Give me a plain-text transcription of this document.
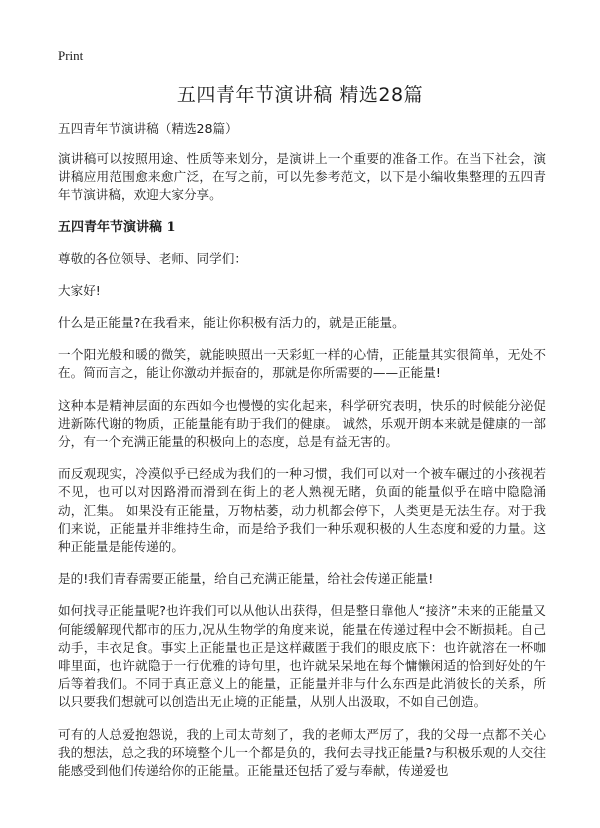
Print
五四青年节演讲稿 精选28篇
五四青年节演讲稿（精选28篇）

演讲稿可以按照用途、性质等来划分，是演讲上一个重要的准备工作。在当下社会，演讲稿应用范围愈来愈广泛，在写之前，可以先参考范文，以下是小编收集整理的五四青年节演讲稿，欢迎大家分享。

五四青年节演讲稿 1

尊敬的各位领导、老师、同学们：

大家好!

什么是正能量?在我看来，能让你积极有活力的，就是正能量。

一个阳光般和暖的微笑，就能映照出一天彩虹一样的心情，正能量其实很简单，无处不在。简而言之，能让你激动并振奋的，那就是你所需要的——正能量!

这种本是精神层面的东西如今也慢慢的实化起来，科学研究表明，快乐的时候能分泌促进新陈代谢的物质，正能量能有助于我们的健康。 诚然，乐观开朗本来就是健康的一部分，有一个充满正能量的积极向上的态度，总是有益无害的。

而反观现实，冷漠似乎已经成为我们的一种习惯，我们可以对一个被车碾过的小孩视若不见，也可以对因路滑而滑到在街上的老人熟视无睹，负面的能量似乎在暗中隐隐涌动，汇集。 如果没有正能量，万物枯萎，动力机都会停下，人类更是无法生存。对于我们来说，正能量并非维持生命，而是给予我们一种乐观积极的人生态度和爱的力量。这种正能量是能传递的。

是的!我们青春需要正能量，给自己充满正能量，给社会传递正能量!

如何找寻正能量呢?也许我们可以从他认出获得，但是整日靠他人“接济”未来的正能量又何能缓解现代都市的压力,况从生物学的角度来说，能量在传递过程中会不断损耗。自己动手，丰衣足食。事实上正能量也正是这样藏匿于我们的眼皮底下：也许就溶在一杯咖啡里面，也许就隐于一行优雅的诗句里，也许就呆呆地在每个慵懒闲适的恰到好处的午后等着我们。不同于真正意义上的能量，正能量并非与什么东西是此消彼长的关系，所以只要我们想就可以创造出无止境的正能量，从别人出汲取，不如自己创造。

可有的人总爱抱怨说，我的上司太苛刻了，我的老师太严厉了，我的父母一点都不关心我的想法，总之我的环境整个儿一个都是负的，我何去寻找正能量?与积极乐观的人交往能感受到他们传递给你的正能量。正能量还包括了爱与奉献，传递爱也
